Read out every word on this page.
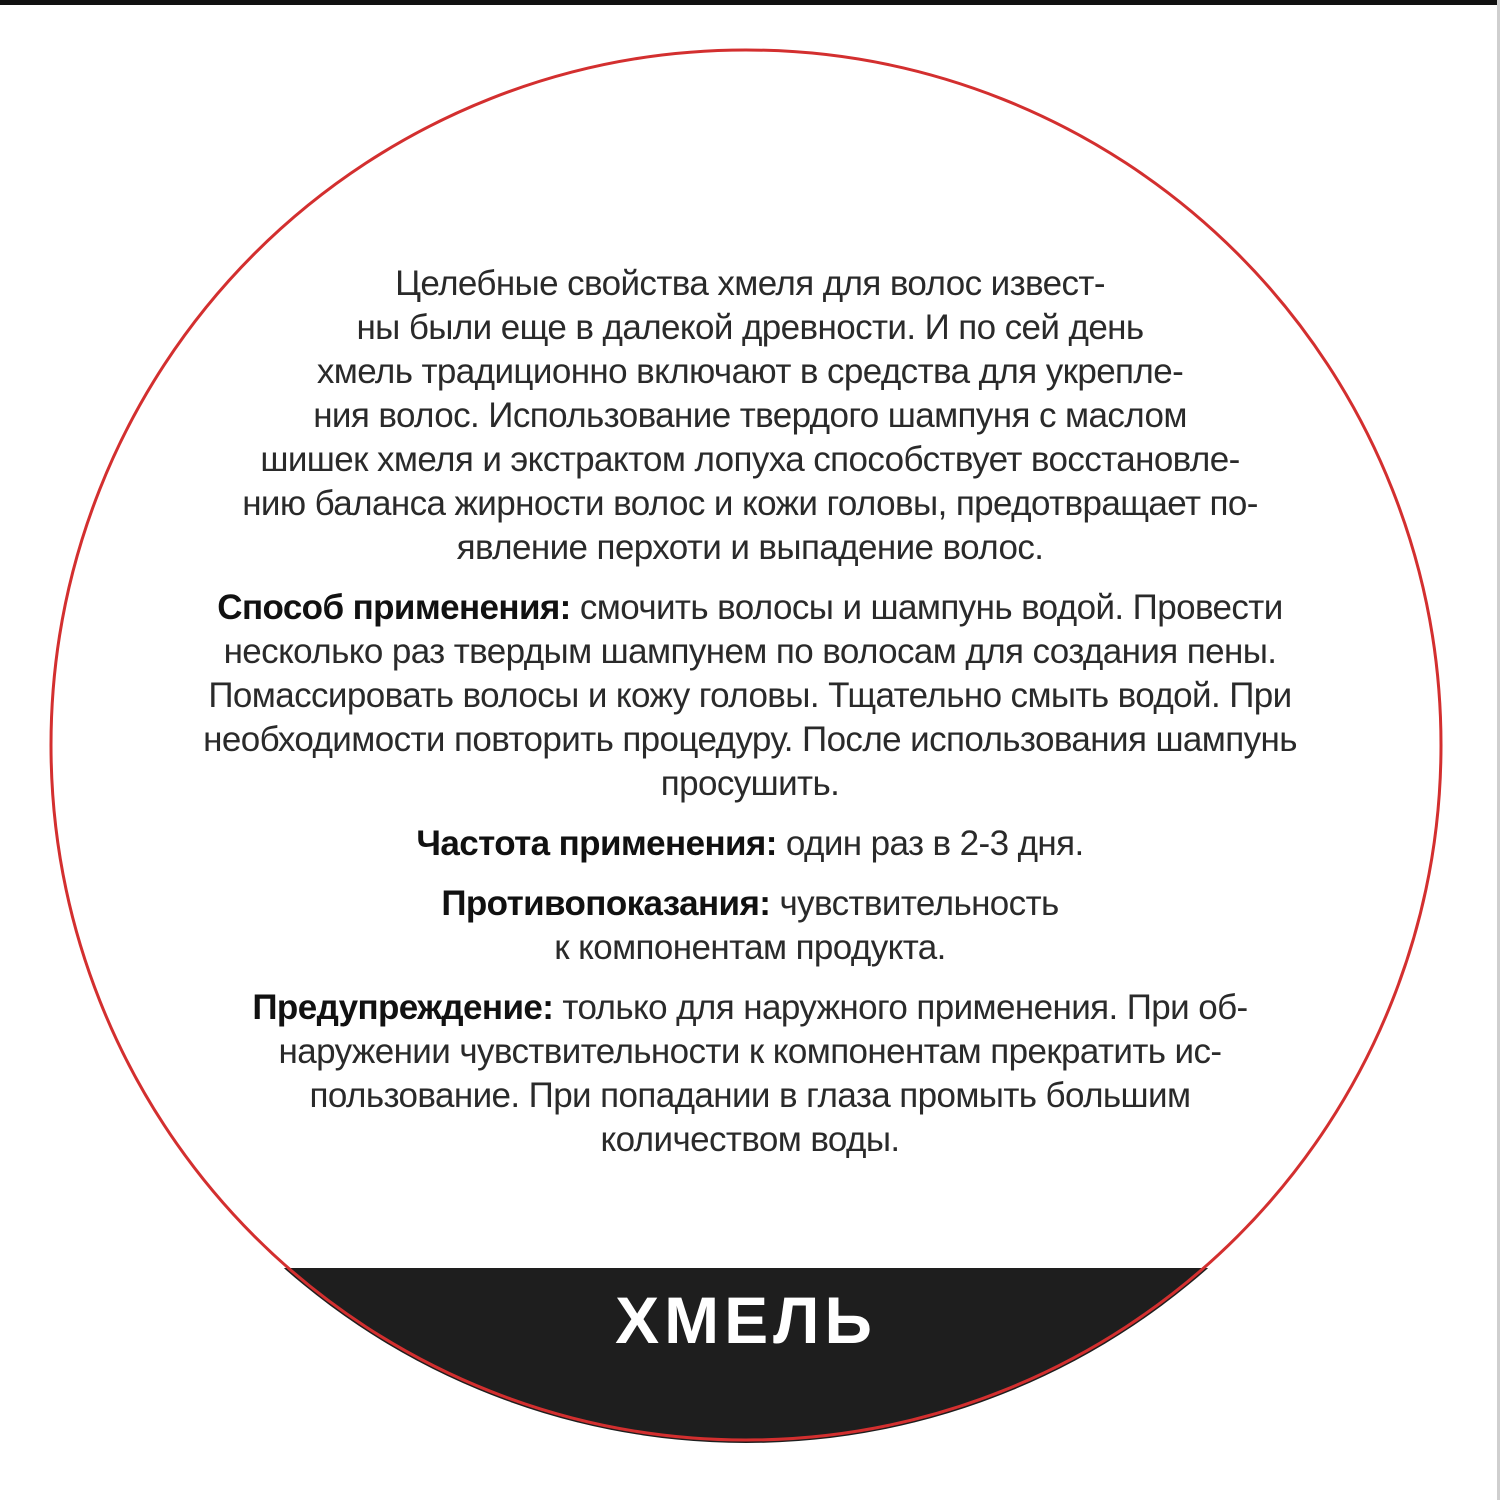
Целебные свойства хмеля для волос извест-
ны были еще в далекой древности. И по сей день
хмель традиционно включают в средства для укрепле-
ния волос. Использование твердого шампуня с маслом
шишек хмеля и экстрактом лопуха способствует восстановле-
нию баланса жирности волос и кожи головы, предотвращает по-
явление перхоти и выпадение волос.

Способ применения: смочить волосы и шампунь водой. Провести
несколько раз твердым шампунем по волосам для создания пены.
Помассировать волосы и кожу головы. Тщательно смыть водой. При
необходимости повторить процедуру. После использования шампунь
просушить.

Частота применения: один раз в 2-3 дня.

Противопоказания: чувствительность
к компонентам продукта.

Предупреждение: только для наружного применения. При об-
наружении чувствительности к компонентам прекратить ис-
пользование. При попадании в глаза промыть большим
количеством воды.

ХМЕЛЬ
